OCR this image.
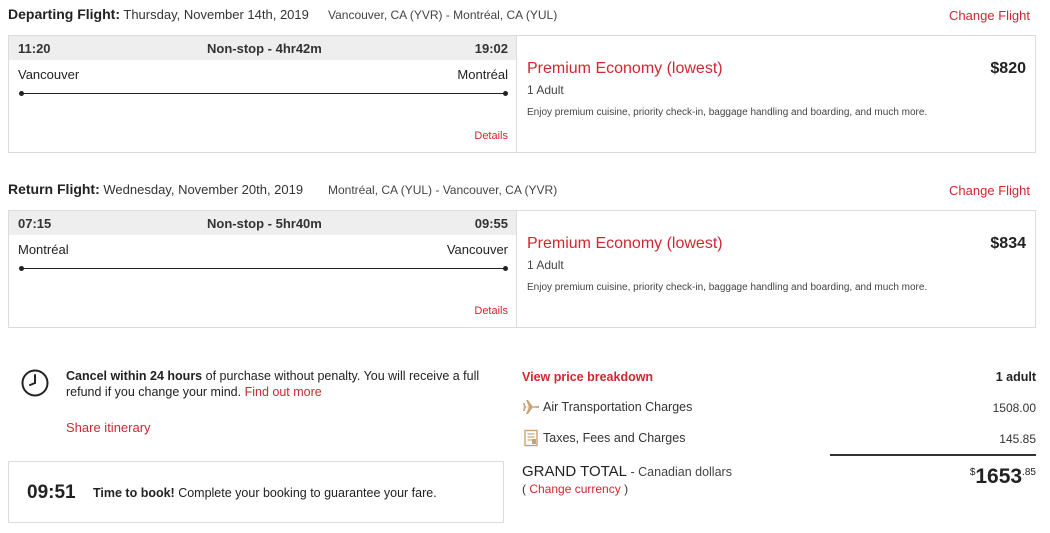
Departing Flight: Thursday, November 14th, 2019 Vancouver, CA (YVR) - Montréal, CA (YUL)	Change Flight
11:20	Non-stop - 4hr42m	19:02
Vancouver	Montréal
Details
Premium Economy (lowest)	$820
1 Adult
Enjoy premium cuisine, priority check-in, baggage handling and boarding, and much more.
Return Flight: Wednesday, November 20th, 2019 Montréal, CA (YUL) - Vancouver, CA (YVR)	Change Flight
07:15	Non-stop - 5hr40m	09:55
Montréal	Vancouver
Details
Premium Economy (lowest)	$834
1 Adult
Enjoy premium cuisine, priority check-in, baggage handling and boarding, and much more.
Cancel within 24 hours of purchase without penalty. You will receive a full refund if you change your mind. Find out more
Share itinerary
09:51 Time to book! Complete your booking to guarantee your fare.
View price breakdown	1 adult
Air Transportation Charges	1508.00
Taxes, Fees and Charges	145.85
GRAND TOTAL - Canadian dollars
( Change currency )
$^{\$}1653^{.85}$
